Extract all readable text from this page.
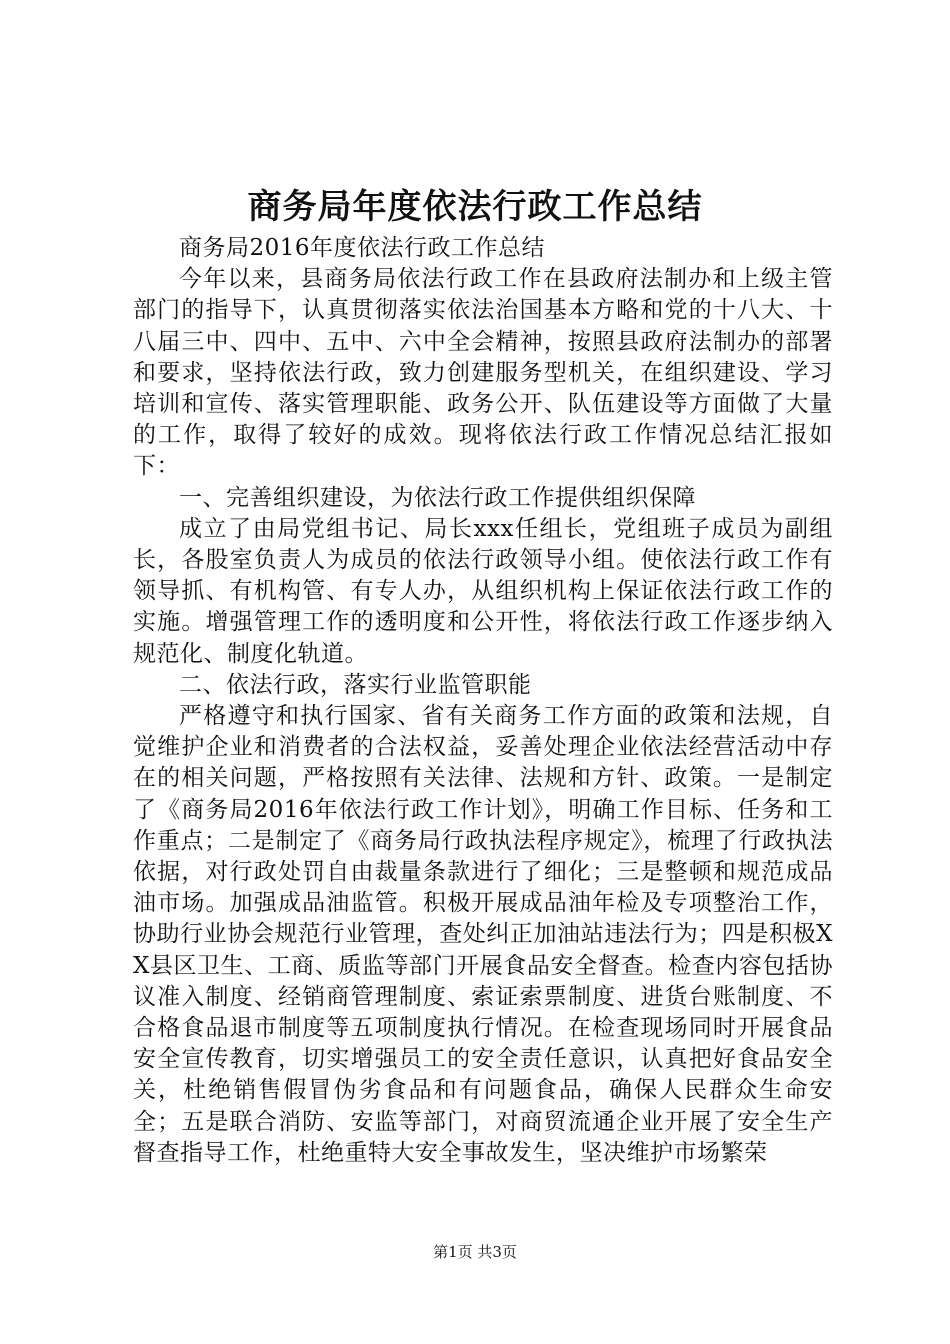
商务局年度依法行政工作总结

商务局2016年度依法行政工作总结

今年以来，县商务局依法行政工作在县政府法制办和上级主管部门的指导下，认真贯彻落实依法治国基本方略和党的十八大、十八届三中、四中、五中、六中全会精神，按照县政府法制办的部署和要求，坚持依法行政，致力创建服务型机关，在组织建设、学习培训和宣传、落实管理职能、政务公开、队伍建设等方面做了大量的工作，取得了较好的成效。现将依法行政工作情况总结汇报如下：

一、完善组织建设，为依法行政工作提供组织保障

成立了由局党组书记、局长xxx任组长，党组班子成员为副组长，各股室负责人为成员的依法行政领导小组。使依法行政工作有领导抓、有机构管、有专人办，从组织机构上保证依法行政工作的实施。增强管理工作的透明度和公开性，将依法行政工作逐步纳入规范化、制度化轨道。

二、依法行政，落实行业监管职能

严格遵守和执行国家、省有关商务工作方面的政策和法规，自觉维护企业和消费者的合法权益，妥善处理企业依法经营活动中存在的相关问题，严格按照有关法律、法规和方针、政策。一是制定了《商务局2016年依法行政工作计划》，明确工作目标、任务和工作重点；二是制定了《商务局行政执法程序规定》，梳理了行政执法依据，对行政处罚自由裁量条款进行了细化；三是整顿和规范成品油市场。加强成品油监管。积极开展成品油年检及专项整治工作，协助行业协会规范行业管理，查处纠正加油站违法行为；四是积极XX县区卫生、工商、质监等部门开展食品安全督查。检查内容包括协议准入制度、经销商管理制度、索证索票制度、进货台账制度、不合格食品退市制度等五项制度执行情况。在检查现场同时开展食品安全宣传教育，切实增强员工的安全责任意识，认真把好食品安全关，杜绝销售假冒伪劣食品和有问题食品，确保人民群众生命安全；五是联合消防、安监等部门，对商贸流通企业开展了安全生产督查指导工作，杜绝重特大安全事故发生，坚决维护市场繁荣

第1页 共3页
